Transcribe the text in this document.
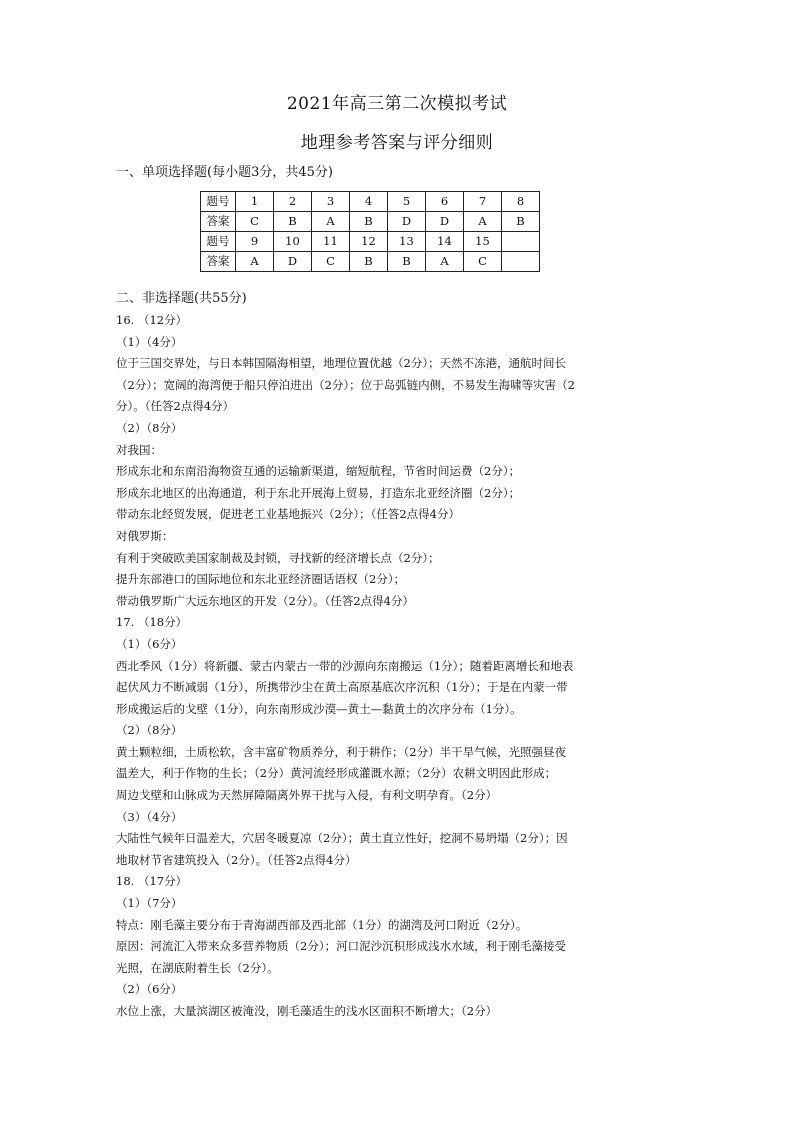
2021年高三第二次模拟考试
地理参考答案与评分细则
一、单项选择题(每小题3分，共45分)
题号	1	2	3	4	5	6	7	8
答案	C	B	A	B	D	D	A	B
题号	9	10	11	12	13	14	15	
答案	A	D	C	B	B	A	C	
二、非选择题(共55分)
16. （12分）
（1）（4分）
位于三国交界处，与日本韩国隔海相望，地理位置优越（2分）；天然不冻港，通航时间长
（2分）；宽阔的海湾便于船只停泊进出（2分）；位于岛弧链内侧，不易发生海啸等灾害（2
分）。（任答2点得4分）
（2）（8分）
对我国：
形成东北和东南沿海物资互通的运输新渠道，缩短航程，节省时间运费（2分）；
形成东北地区的出海通道，利于东北开展海上贸易，打造东北亚经济圈（2分）；
带动东北经贸发展，促进老工业基地振兴（2分）；（任答2点得4分）
对俄罗斯：
有利于突破欧美国家制裁及封锁，寻找新的经济增长点（2分）；
提升东部港口的国际地位和东北亚经济圈话语权（2分）；
带动俄罗斯广大远东地区的开发（2分）。（任答2点得4分）
17. （18分）
（1）（6分）
西北季风（1分）将新疆、蒙古内蒙古一带的沙源向东南搬运（1分）；随着距离增长和地表
起伏风力不断减弱（1分），所携带沙尘在黄土高原基底次序沉积（1分）；于是在内蒙一带
形成搬运后的戈壁（1分），向东南形成沙漠—黄土—黏黄土的次序分布（1分）。
（2）（8分）
黄土颗粒细，土质松软，含丰富矿物质养分，利于耕作；（2分）半干旱气候，光照强昼夜
温差大，利于作物的生长；（2分）黄河流经形成灌溉水源；（2分）农耕文明因此形成；
周边戈壁和山脉成为天然屏障隔离外界干扰与入侵，有利文明孕育。（2分）
（3）（4分）
大陆性气候年日温差大，穴居冬暖夏凉（2分）；黄土直立性好，挖洞不易坍塌（2分）；因
地取材节省建筑投入（2分）。（任答2点得4分）
18. （17分）
（1）（7分）
特点：刚毛藻主要分布于青海湖西部及西北部（1分）的湖湾及河口附近（2分）。
原因：河流汇入带来众多营养物质（2分）；河口泥沙沉积形成浅水水域，利于刚毛藻接受
光照，在湖底附着生长（2分）。
（2）（6分）
水位上涨，大量滨湖区被淹没，刚毛藻适生的浅水区面积不断增大；（2分）
